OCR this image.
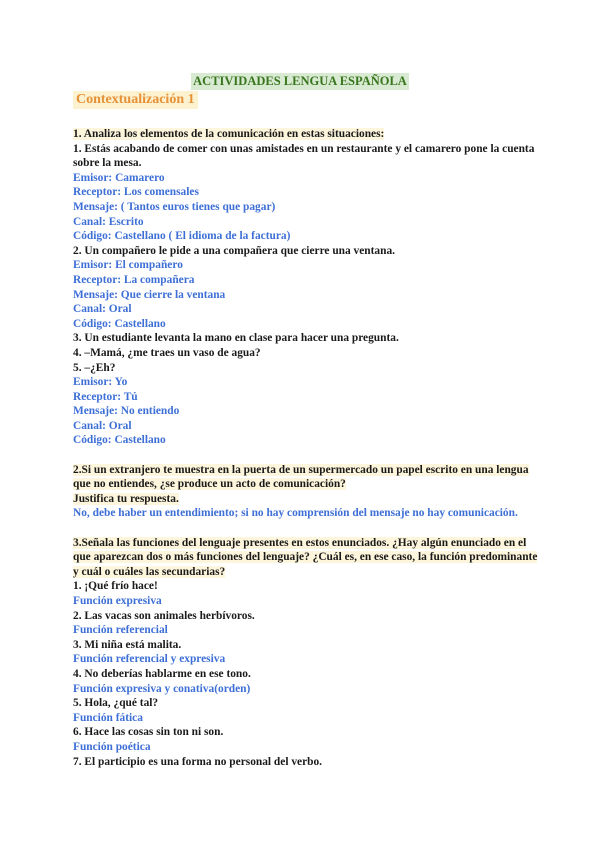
ACTIVIDADES LENGUA ESPAÑOLA
Contextualización 1
1. Analiza los elementos de la comunicación en estas situaciones:
1. Estás acabando de comer con unas amistades en un restaurante y el camarero pone la cuenta
sobre la mesa.
Emisor: Camarero
Receptor: Los comensales
Mensaje: ( Tantos euros tienes que pagar)
Canal: Escrito
Código: Castellano ( El idioma de la factura)
2. Un compañero le pide a una compañera que cierre una ventana.
Emisor: El compañero
Receptor: La compañera
Mensaje: Que cierre la ventana
Canal: Oral
Código: Castellano
3. Un estudiante levanta la mano en clase para hacer una pregunta.
4. –Mamá, ¿me traes un vaso de agua?
5. –¿Eh?
Emisor: Yo
Receptor: Tú
Mensaje: No entiendo
Canal: Oral
Código: Castellano
2.Si un extranjero te muestra en la puerta de un supermercado un papel escrito en una lengua
que no entiendes, ¿se produce un acto de comunicación?
Justifica tu respuesta.
No, debe haber un entendimiento; si no hay comprensión del mensaje no hay comunicación.
3.Señala las funciones del lenguaje presentes en estos enunciados. ¿Hay algún enunciado en el
que aparezcan dos o más funciones del lenguaje? ¿Cuál es, en ese caso, la función predominante
y cuál o cuáles las secundarias?
1. ¡Qué frío hace!
Función expresiva
2. Las vacas son animales herbívoros.
Función referencial
3. Mi niña está malita.
Función referencial y expresiva
4. No deberías hablarme en ese tono.
Función expresiva y conativa(orden)
5. Hola, ¿qué tal?
Función fática
6. Hace las cosas sin ton ni son.
Función poética
7. El participio es una forma no personal del verbo.
